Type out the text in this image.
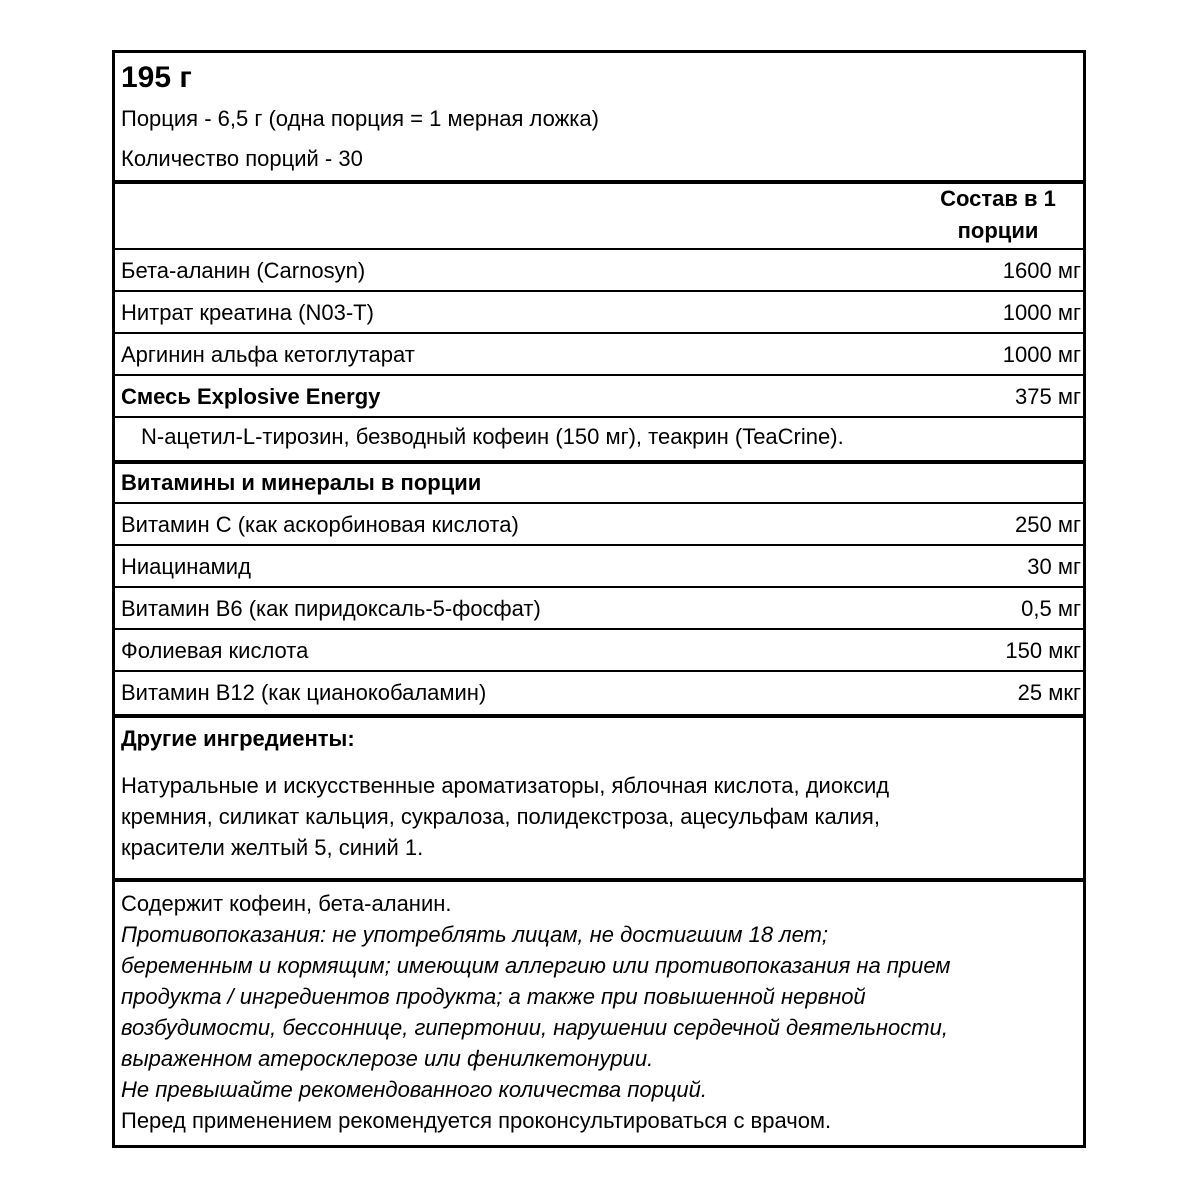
195 г
Порция - 6,5 г (одна порция = 1 мерная ложка)
Количество порций - 30
Состав в 1
порции
Бета-аланин (Carnosyn)	1600 мг
Нитрат креатина (N03-T)	1000 мг
Аргинин альфа кетоглутарат	1000 мг
Смесь Explosive Energy	375 мг
N-ацетил-L-тирозин, безводный кофеин (150 мг), теакрин (TeaCrine).
Витамины и минералы в порции
Витамин С (как аскорбиновая кислота)	250 мг
Ниацинамид	30 мг
Витамин В6 (как пиридоксаль-5-фосфат)	0,5 мг
Фолиевая кислота	150 мкг
Витамин В12 (как цианокобаламин)	25 мкг
Другие ингредиенты:
Натуральные и искусственные ароматизаторы, яблочная кислота, диоксид
кремния, силикат кальция, сукралоза, полидекстроза, ацесульфам калия,
красители желтый 5, синий 1.
Содержит кофеин, бета-аланин.
Противопоказания: не употреблять лицам, не достигшим 18 лет;
беременным и кормящим; имеющим аллергию или противопоказания на прием
продукта / ингредиентов продукта; а также при повышенной нервной
возбудимости, бессоннице, гипертонии, нарушении сердечной деятельности,
выраженном атеросклерозе или фенилкетонурии.
Не превышайте рекомендованного количества порций.
Перед применением рекомендуется проконсультироваться с врачом.
